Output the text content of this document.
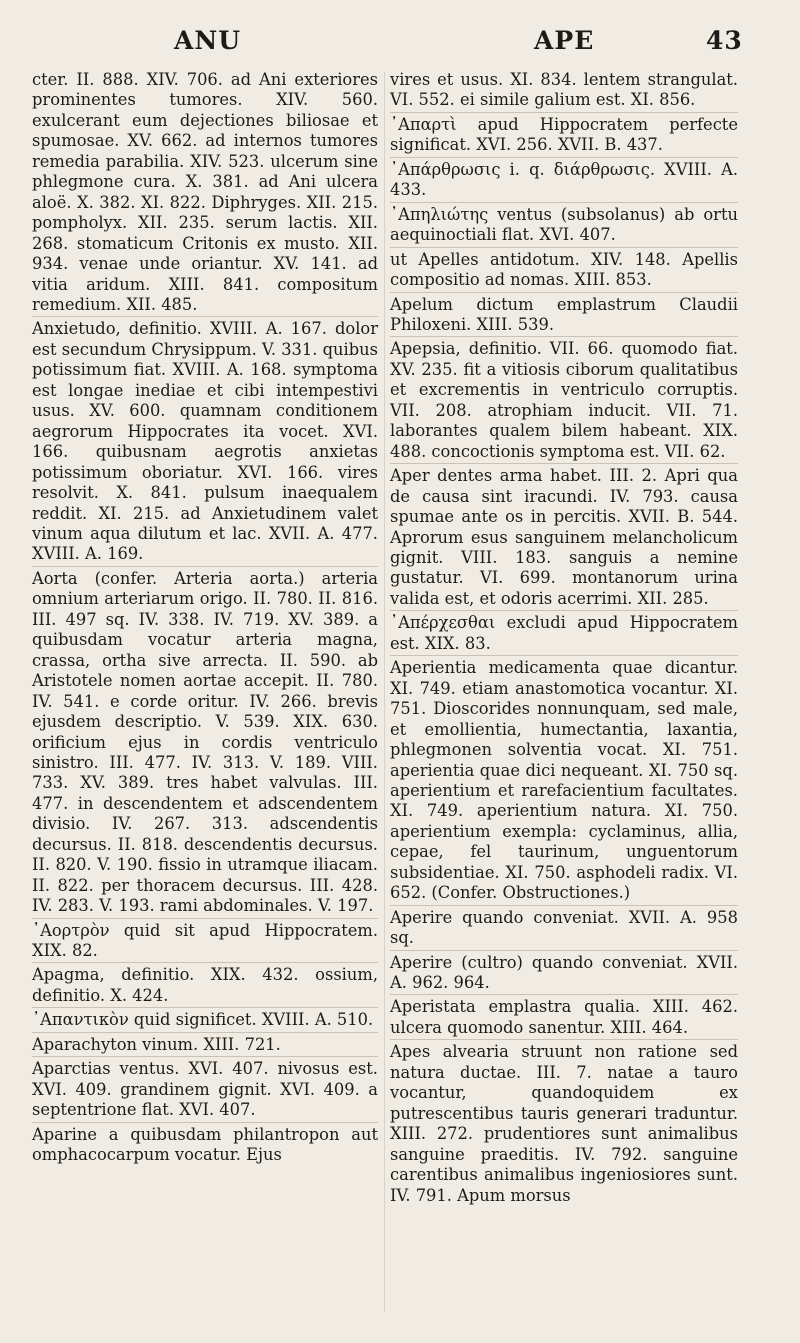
ANU	APE	43

cter. II. 888. XIV. 706. ad Ani exteriores prominentes tumores. XIV. 560. exulcerant eum dejectiones biliosae et spumosae. XV. 662. ad internos tumores remedia parabilia. XIV. 523. ulcerum sine phlegmone cura. X. 381. ad Ani ulcera aloë. X. 382. XI. 822. Diphryges. XII. 215. pompholyx. XII. 235. serum lactis. XII. 268. stomaticum Critonis ex musto. XII. 934. venae unde oriantur. XV. 141. ad vitia aridum. XIII. 841. compositum remedium. XII. 485.

Anxietudo, definitio. XVIII. A. 167. dolor est secundum Chrysippum. V. 331. quibus potissimum fiat. XVIII. A. 168. symptoma est longae inediae et cibi intempestivi usus. XV. 600. quamnam conditionem aegrorum Hippocrates ita vocet. XVI. 166. quibusnam aegrotis anxietas potissimum oboriatur. XVI. 166. vires resolvit. X. 841. pulsum inaequalem reddit. XI. 215. ad Anxietudinem valet vinum aqua dilutum et lac. XVII. A. 477. XVIII. A. 169.

Aorta (confer. Arteria aorta.) arteria omnium arteriarum origo. II. 780. II. 816. III. 497 sq. IV. 338. IV. 719. XV. 389. a quibusdam vocatur arteria magna, crassa, ortha sive arrecta. II. 590. ab Aristotele nomen aortae accepit. II. 780. IV. 541. e corde oritur. IV. 266. brevis ejusdem descriptio. V. 539. XIX. 630. orificium ejus in cordis ventriculo sinistro. III. 477. IV. 313. V. 189. VIII. 733. XV. 389. tres habet valvulas. III. 477. in descendentem et adscendentem divisio. IV. 267. 313. adscendentis decursus. II. 818. descendentis decursus. II. 820. V. 190. fissio in utramque iliacam. II. 822. per thoracem decursus. III. 428. IV. 283. V. 193. rami abdominales. V. 197.

᾿Αορτρὸν quid sit apud Hippocratem. XIX. 82.

Apagma, definitio. XIX. 432. ossium, definitio. X. 424.

᾿Απαντικὸν quid significet. XVIII. A. 510.

Aparachyton vinum. XIII. 721.

Aparctias ventus. XVI. 407. nivosus est. XVI. 409. grandinem gignit. XVI. 409. a septentrione flat. XVI. 407.

Aparine a quibusdam philantropon aut omphacocarpum vocatur. Ejus

vires et usus. XI. 834. lentem strangulat. VI. 552. ei simile galium est. XI. 856.

᾿Απαρτὶ apud Hippocratem perfecte significat. XVI. 256. XVII. B. 437.

᾿Απάρθρωσις i. q. διάρθρωσις. XVIII. A. 433.

᾿Απηλιώτης ventus (subsolanus) ab ortu aequinoctiali flat. XVI. 407.

ut Apelles antidotum. XIV. 148. Apellis compositio ad nomas. XIII. 853.

Apelum dictum emplastrum Claudii Philoxeni. XIII. 539.

Apepsia, definitio. VII. 66. quomodo fiat. XV. 235. fit a vitiosis ciborum qualitatibus et excrementis in ventriculo corruptis. VII. 208. atrophiam inducit. VII. 71. laborantes qualem bilem habeant. XIX. 488. concoctionis symptoma est. VII. 62.

Aper dentes arma habet. III. 2. Apri qua de causa sint iracundi. IV. 793. causa spumae ante os in percitis. XVII. B. 544. Aprorum esus sanguinem melancholicum gignit. VIII. 183. sanguis a nemine gustatur. VI. 699. montanorum urina valida est, et odoris acerrimi. XII. 285.

᾿Απέρχεσθαι excludi apud Hippocratem est. XIX. 83.

Aperientia medicamenta quae dicantur. XI. 749. etiam anastomotica vocantur. XI. 751. Dioscorides nonnunquam, sed male, et emollientia, humectantia, laxantia, phlegmonen solventia vocat. XI. 751. aperientia quae dici nequeant. XI. 750 sq. aperientium et rarefacientium facultates. XI. 749. aperientium natura. XI. 750. aperientium exempla: cyclaminus, allia, cepae, fel taurinum, unguentorum subsidentiae. XI. 750. asphodeli radix. VI. 652. (Confer. Obstructiones.)

Aperire quando conveniat. XVII. A. 958 sq.

Aperire (cultro) quando conveniat. XVII. A. 962. 964.

Aperistata emplastra qualia. XIII. 462. ulcera quomodo sanentur. XIII. 464.

Apes alvearia struunt non ratione sed natura ductae. III. 7. natae a tauro vocantur, quandoquidem ex putrescentibus tauris generari traduntur. XIII. 272. prudentiores sunt animalibus sanguine praeditis. IV. 792. sanguine carentibus animalibus ingeniosiores sunt. IV. 791. Apum morsus
